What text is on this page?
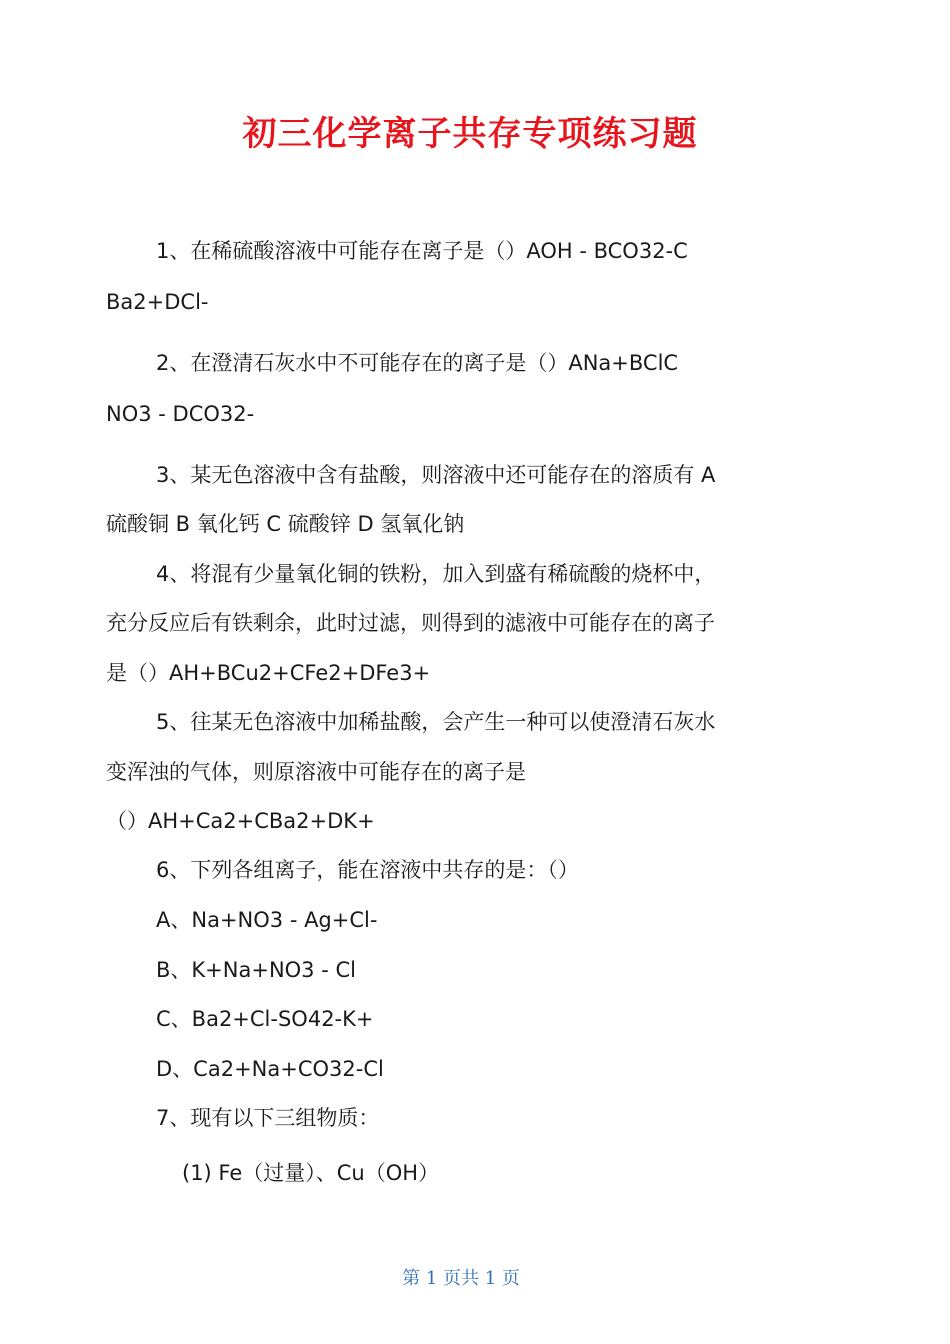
初三化学离子共存专项练习题
1、在稀硫酸溶液中可能存在离子是（）AOH - BCO32-C
Ba2+DCl-
2、在澄清石灰水中不可能存在的离子是（）ANa+BClC
NO3 - DCO32-
3、某无色溶液中含有盐酸，则溶液中还可能存在的溶质有 A
硫酸铜 B 氧化钙 C 硫酸锌 D 氢氧化钠
4、将混有少量氧化铜的铁粉，加入到盛有稀硫酸的烧杯中，
充分反应后有铁剩余，此时过滤，则得到的滤液中可能存在的离子
是（）AH+BCu2+CFe2+DFe3+
5、往某无色溶液中加稀盐酸，会产生一种可以使澄清石灰水
变浑浊的气体，则原溶液中可能存在的离子是
（）AH+Ca2+CBa2+DK+
6、下列各组离子，能在溶液中共存的是：（）
A、Na+NO3 - Ag+Cl-
B、K+Na+NO3 - Cl
C、Ba2+Cl-SO42-K+
D、Ca2+Na+CO32-Cl
7、现有以下三组物质：
(1) Fe（过量）、Cu（OH）
第 1 页共 1 页
